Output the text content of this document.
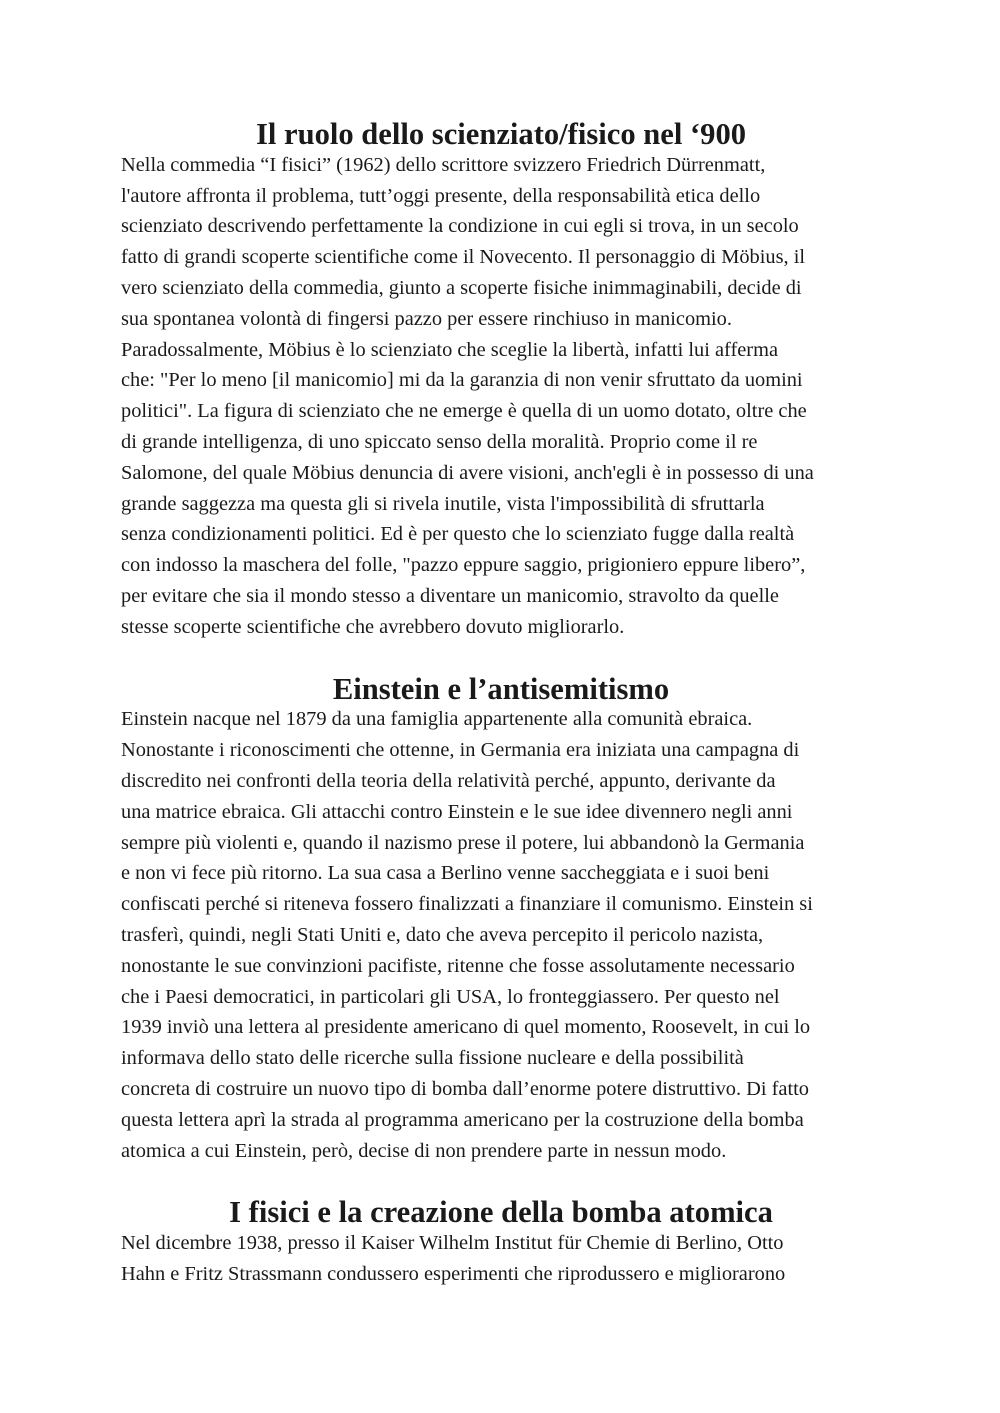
Il ruolo dello scienziato/fisico nel ‘900
Nella commedia “I fisici” (1962) dello scrittore svizzero Friedrich Dürrenmatt,
l'autore affronta il problema, tutt’oggi presente, della responsabilità etica dello
scienziato descrivendo perfettamente la condizione in cui egli si trova, in un secolo
fatto di grandi scoperte scientifiche come il Novecento. Il personaggio di Möbius, il
vero scienziato della commedia, giunto a scoperte fisiche inimmaginabili, decide di
sua spontanea volontà di fingersi pazzo per essere rinchiuso in manicomio.
Paradossalmente, Möbius è lo scienziato che sceglie la libertà, infatti lui afferma
che: "Per lo meno [il manicomio] mi da la garanzia di non venir sfruttato da uomini
politici". La figura di scienziato che ne emerge è quella di un uomo dotato, oltre che
di grande intelligenza, di uno spiccato senso della moralità. Proprio come il re
Salomone, del quale Möbius denuncia di avere visioni, anch'egli è in possesso di una
grande saggezza ma questa gli si rivela inutile, vista l'impossibilità di sfruttarla
senza condizionamenti politici. Ed è per questo che lo scienziato fugge dalla realtà
con indosso la maschera del folle, "pazzo eppure saggio, prigioniero eppure libero”,
per evitare che sia il mondo stesso a diventare un manicomio, stravolto da quelle
stesse scoperte scientifiche che avrebbero dovuto migliorarlo.
Einstein e l’antisemitismo
Einstein nacque nel 1879 da una famiglia appartenente alla comunità ebraica.
Nonostante i riconoscimenti che ottenne, in Germania era iniziata una campagna di
discredito nei confronti della teoria della relatività perché, appunto, derivante da
una matrice ebraica. Gli attacchi contro Einstein e le sue idee divennero negli anni
sempre più violenti e, quando il nazismo prese il potere, lui abbandonò la Germania
e non vi fece più ritorno. La sua casa a Berlino venne saccheggiata e i suoi beni
confiscati perché si riteneva fossero finalizzati a finanziare il comunismo. Einstein si
trasferì, quindi, negli Stati Uniti e, dato che aveva percepito il pericolo nazista,
nonostante le sue convinzioni pacifiste, ritenne che fosse assolutamente necessario
che i Paesi democratici, in particolari gli USA, lo fronteggiassero. Per questo nel
1939 inviò una lettera al presidente americano di quel momento, Roosevelt, in cui lo
informava dello stato delle ricerche sulla fissione nucleare e della possibilità
concreta di costruire un nuovo tipo di bomba dall’enorme potere distruttivo. Di fatto
questa lettera aprì la strada al programma americano per la costruzione della bomba
atomica a cui Einstein, però, decise di non prendere parte in nessun modo.
I fisici e la creazione della bomba atomica
Nel dicembre 1938, presso il Kaiser Wilhelm Institut für Chemie di Berlino, Otto
Hahn e Fritz Strassmann condussero esperimenti che riprodussero e migliorarono
